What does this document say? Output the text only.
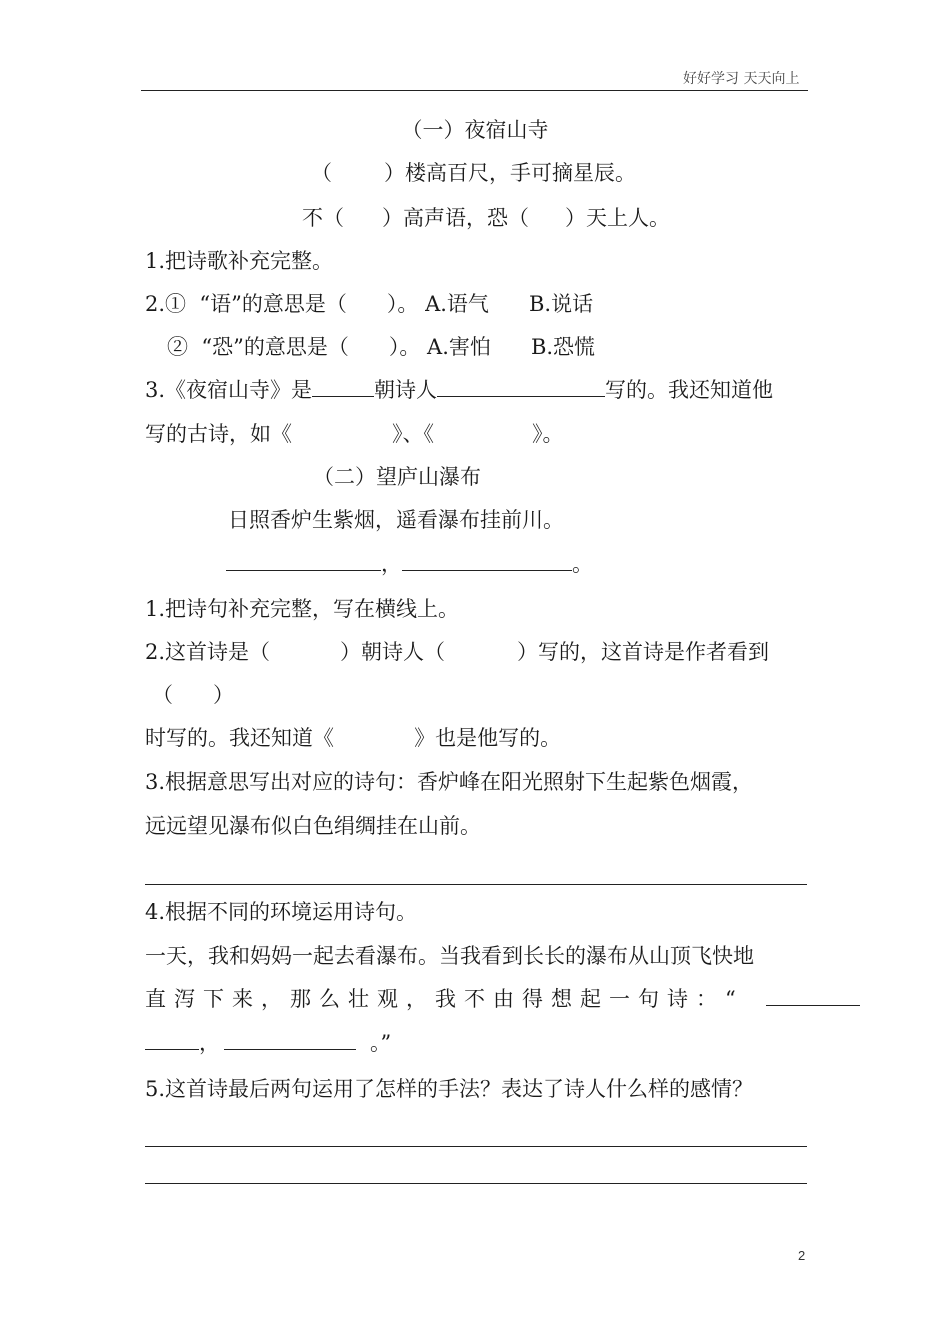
好好学习 天天向上
（一）夜宿山寺
（ ）楼高百尺，手可摘星辰。
不（ ）高声语，恐（ ）天上人。
1.把诗歌补充完整。
2.①  “语”的意思是（      ）。 A.语气      B.说话
②  “恐”的意思是（      ）。 A.害怕      B.恐慌
3.《夜宿山寺》是	朝诗人	写的。我还知道他
写的古诗，如《	》、《	》。
（二）望庐山瀑布
日照香炉生紫烟，遥看瀑布挂前川。
，	。
1.把诗句补充完整，写在横线上。
2.这首诗是（	）朝诗人（	）写的，这首诗是作者看到
（      ）
时写的。我还知道《            》也是他写的。
3.根据意思写出对应的诗句：香炉峰在阳光照射下生起紫色烟霞，
远远望见瀑布似白色绢绸挂在山前。
4.根据不同的环境运用诗句。
一天，我和妈妈一起去看瀑布。当我看到长长的瀑布从山顶飞快地
直泻下来，那么壮观，我不由得想起一句诗：“
，	。”
5.这首诗最后两句运用了怎样的手法？表达了诗人什么样的感情？
2
